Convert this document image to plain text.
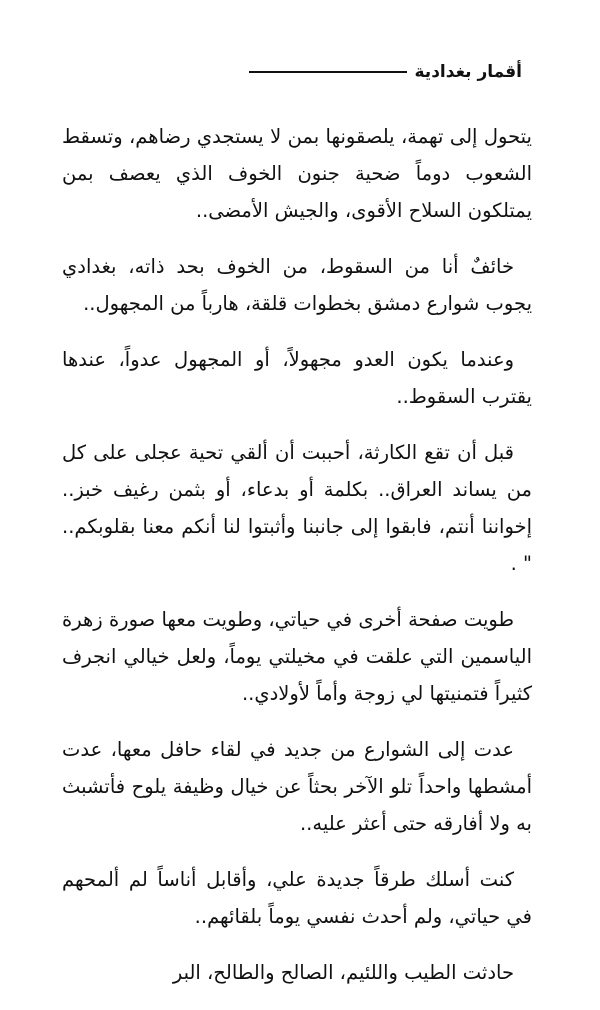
أقمار بغدادية

يتحول إلى تهمة، يلصقونها بمن لا يستجدي رضاهم، وتسقط الشعوب دوماً ضحية جنون الخوف الذي يعصف بمن يمتلكون السلاح الأقوى، والجيش الأمضى..

خائفٌ أنا من السقوط، من الخوف بحد ذاته، بغدادي يجوب شوارع دمشق بخطوات قلقة، هارباً من المجهول..

وعندما يكون العدو مجهولاً، أو المجهول عدواً، عندها يقترب السقوط..

قبل أن تقع الكارثة، أحببت أن ألقي تحية عجلى على كل من يساند العراق.. بكلمة أو بدعاء، أو بثمن رغيف خبز.. إخواننا أنتم، فابقوا إلى جانبنا وأثبتوا لنا أنكم معنا بقلوبكم.. " .

طويت صفحة أخرى في حياتي، وطويت معها صورة زهرة الياسمين التي علقت في مخيلتي يوماً، ولعل خيالي انجرف كثيراً فتمنيتها لي زوجة وأماً لأولادي..

عدت إلى الشوارع من جديد في لقاء حافل معها، عدت أمشطها واحداً تلو الآخر بحثاً عن خيال وظيفة يلوح فأتشبث به ولا أفارقه حتى أعثر عليه..

كنت أسلك طرقاً جديدة علي، وأقابل أناساً لم ألمحهم في حياتي، ولم أحدث نفسي يوماً بلقائهم..

حادثت الطيب واللئيم، الصالح والطالح، البر
